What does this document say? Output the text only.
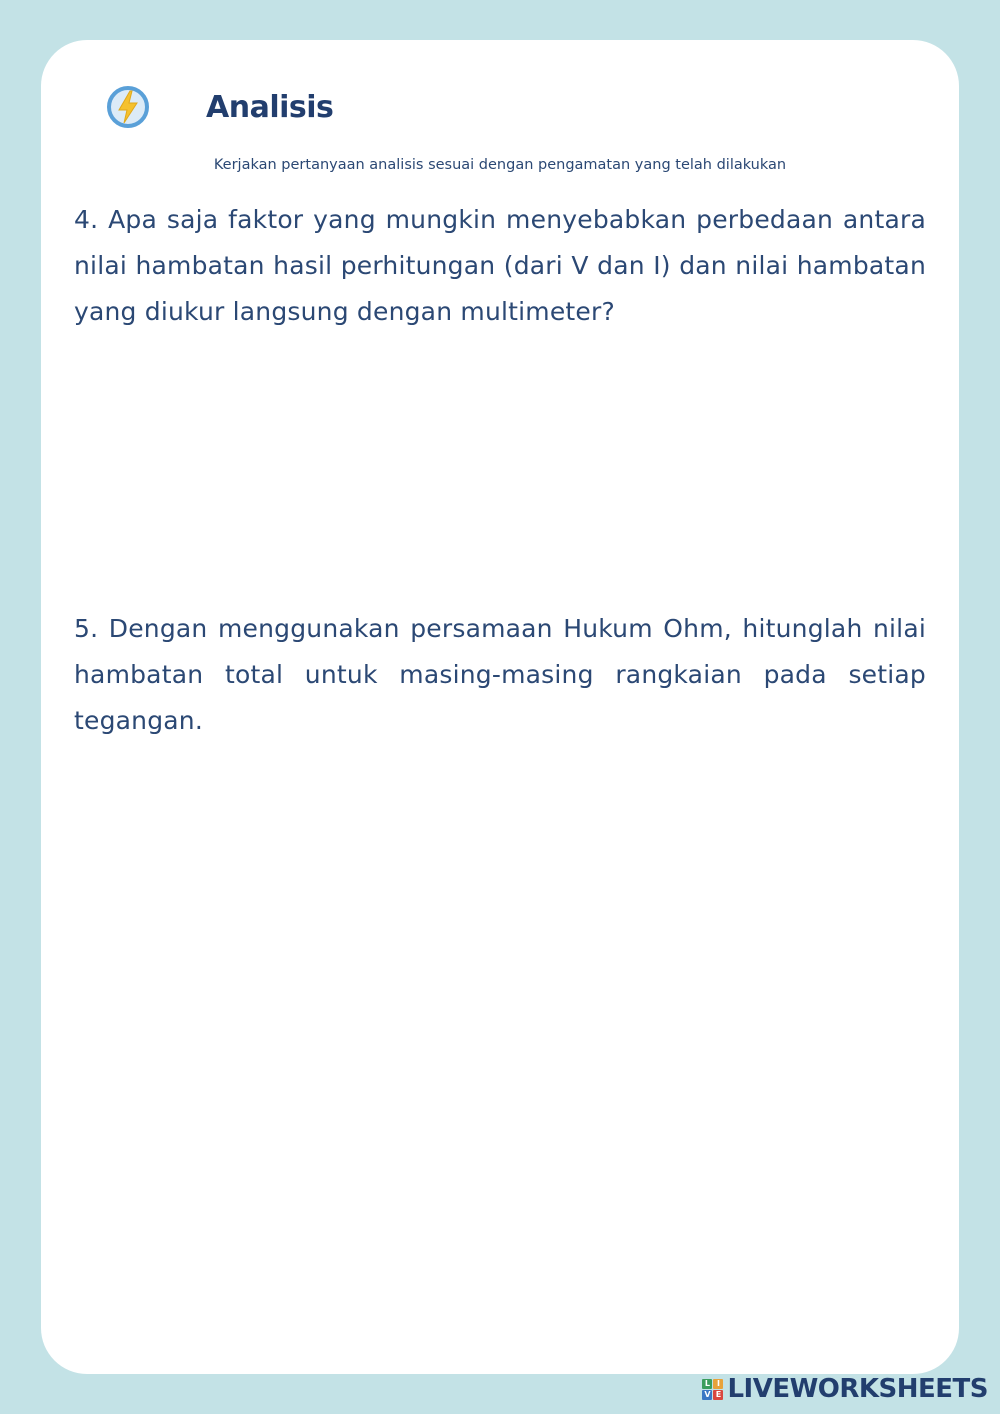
Analisis
Kerjakan pertanyaan analisis sesuai dengan pengamatan yang telah dilakukan
4. Apa saja faktor yang mungkin menyebabkan perbedaan antara nilai hambatan hasil perhitungan (dari V dan I) dan nilai hambatan yang diukur langsung dengan multimeter?
5. Dengan menggunakan persamaan Hukum Ohm, hitunglah nilai hambatan total untuk masing-masing rangkaian pada setiap tegangan.
L I
V E LIVEWORKSHEETS
